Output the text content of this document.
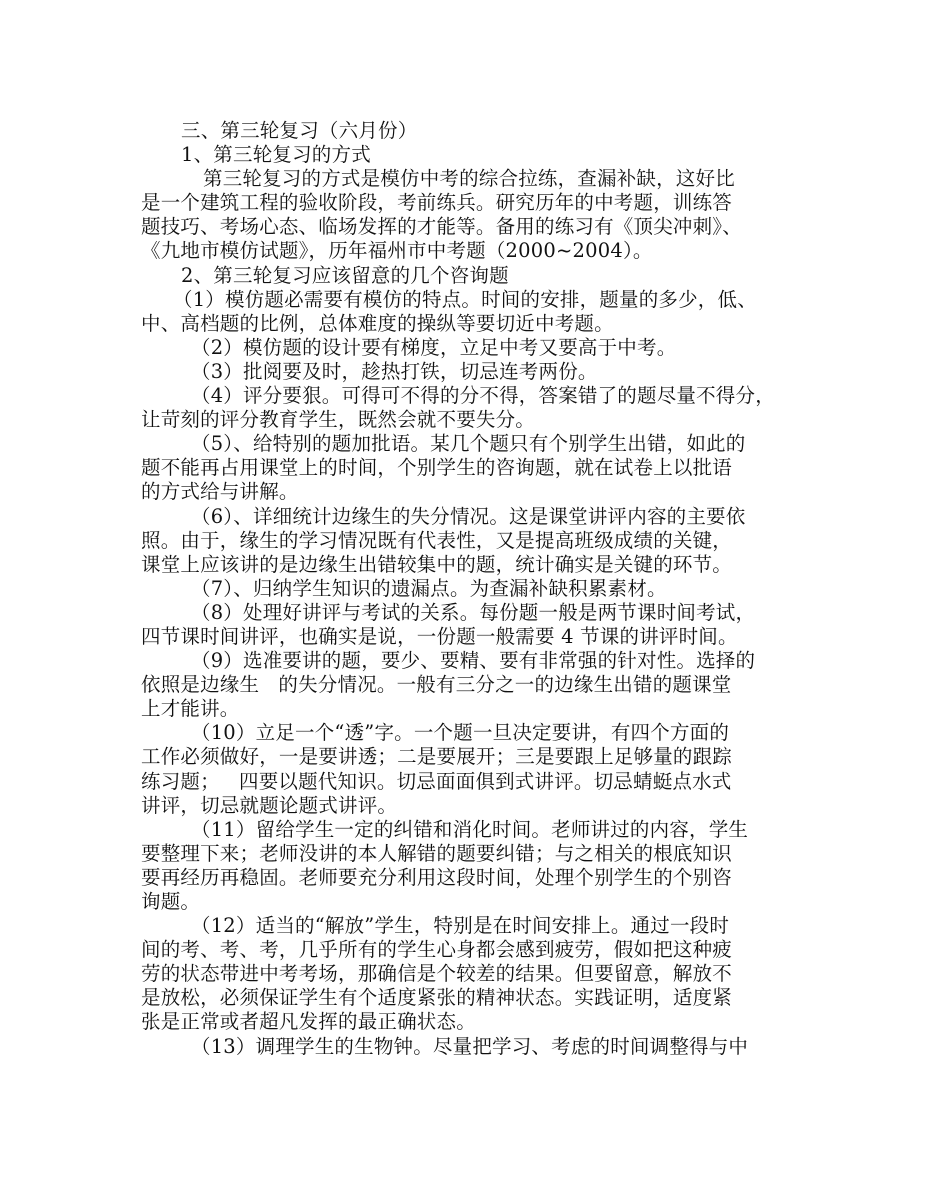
三、第三轮复习（六月份）
1、第三轮复习的方式
第三轮复习的方式是模仿中考的综合拉练，查漏补缺，这好比
是一个建筑工程的验收阶段，考前练兵。研究历年的中考题，训练答
题技巧、考场心态、临场发挥的才能等。备用的练习有《顶尖冲刺》、
《九地市模仿试题》，历年福州市中考题（2000~2004）。
2、第三轮复习应该留意的几个咨询题
（1）模仿题必需要有模仿的特点。时间的安排，题量的多少，低、
中、高档题的比例，总体难度的操纵等要切近中考题。
（2）模仿题的设计要有梯度，立足中考又要高于中考。
（3）批阅要及时，趁热打铁，切忌连考两份。
（4）评分要狠。可得可不得的分不得，答案错了的题尽量不得分，
让苛刻的评分教育学生，既然会就不要失分。
（5）、给特别的题加批语。某几个题只有个别学生出错，如此的
题不能再占用课堂上的时间，个别学生的咨询题，就在试卷上以批语
的方式给与讲解。
（6）、详细统计边缘生的失分情况。这是课堂讲评内容的主要依
照。由于，缘生的学习情况既有代表性，又是提高班级成绩的关键，
课堂上应该讲的是边缘生出错较集中的题，统计确实是关键的环节。
（7）、归纳学生知识的遗漏点。为查漏补缺积累素材。
（8）处理好讲评与考试的关系。每份题一般是两节课时间考试，
四节课时间讲评，也确实是说，一份题一般需要 4 节课的讲评时间。
（9）选准要讲的题，要少、要精、要有非常强的针对性。选择的
依照是边缘生   的失分情况。一般有三分之一的边缘生出错的题课堂
上才能讲。
（10）立足一个“透”字。一个题一旦决定要讲，有四个方面的
工作必须做好，一是要讲透；二是要展开；三是要跟上足够量的跟踪
练习题；   四要以题代知识。切忌面面俱到式讲评。切忌蜻蜓点水式
讲评，切忌就题论题式讲评。
（11）留给学生一定的纠错和消化时间。老师讲过的内容，学生
要整理下来；老师没讲的本人解错的题要纠错；与之相关的根底知识
要再经历再稳固。老师要充分利用这段时间，处理个别学生的个别咨
询题。
（12）适当的“解放”学生，特别是在时间安排上。通过一段时
间的考、考、考，几乎所有的学生心身都会感到疲劳，假如把这种疲
劳的状态带进中考考场，那确信是个较差的结果。但要留意，解放不
是放松，必须保证学生有个适度紧张的精神状态。实践证明，适度紧
张是正常或者超凡发挥的最正确状态。
（13）调理学生的生物钟。尽量把学习、考虑的时间调整得与中
